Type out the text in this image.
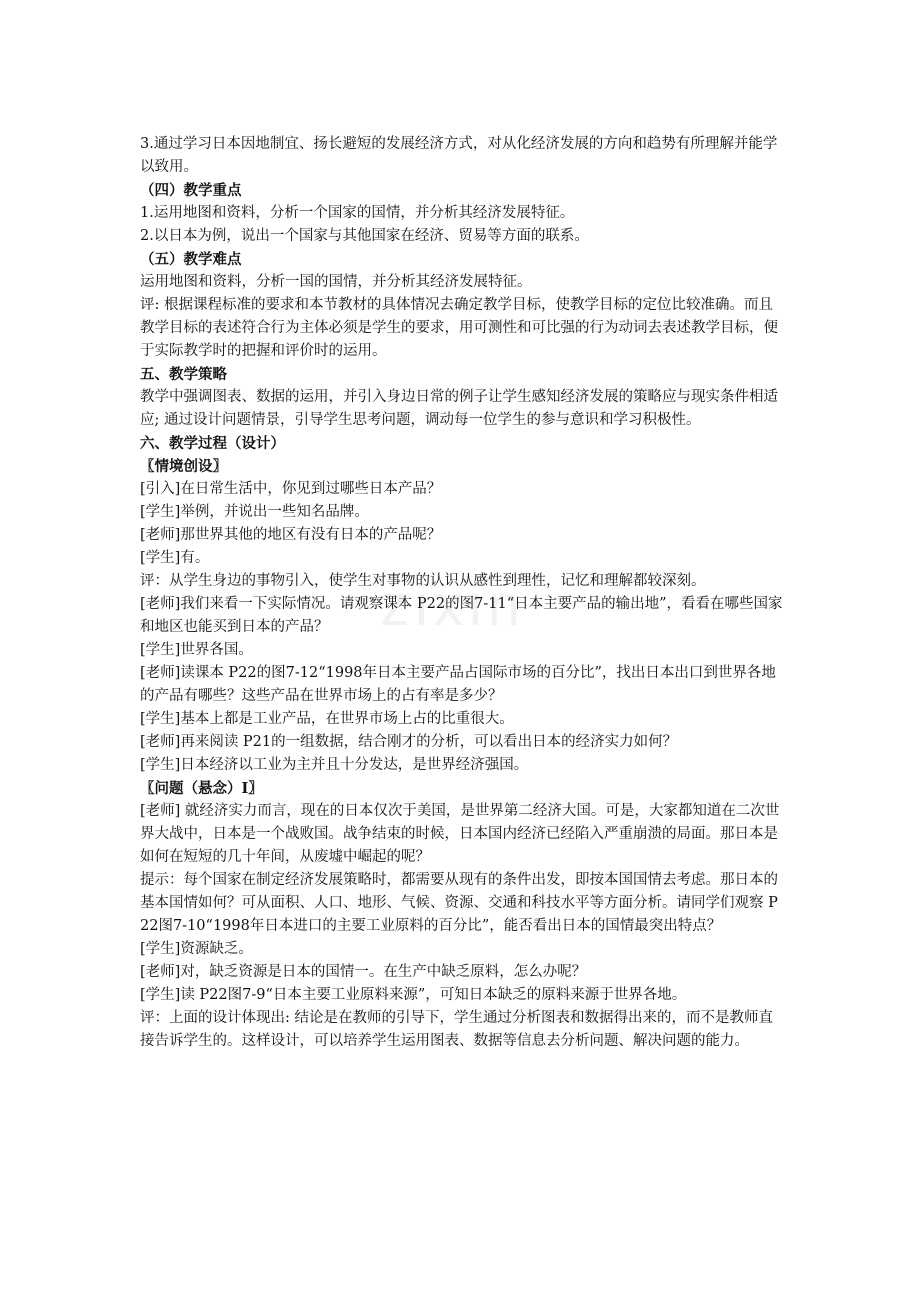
zixin

3.通过学习日本因地制宜、扬长避短的发展经济方式，对从化经济发展的方向和趋势有所理解并能学以致用。

（四）教学重点

1.运用地图和资料，分析一个国家的国情，并分析其经济发展特征。

2.以日本为例，说出一个国家与其他国家在经济、贸易等方面的联系。

（五）教学难点

运用地图和资料，分析一国的国情，并分析其经济发展特征。

评: 根据课程标准的要求和本节教材的具体情况去确定教学目标，使教学目标的定位比较准确。而且教学目标的表述符合行为主体必须是学生的要求，用可测性和可比强的行为动词去表述教学目标，便于实际教学时的把握和评价时的运用。

五、教学策略

教学中强调图表、数据的运用，并引入身边日常的例子让学生感知经济发展的策略应与现实条件相适应; 通过设计问题情景，引导学生思考问题，调动每一位学生的参与意识和学习积极性。

六、教学过程（设计）

〖情境创设〗

[引入]在日常生活中，你见到过哪些日本产品？

[学生]举例，并说出一些知名品牌。

[老师]那世界其他的地区有没有日本的产品呢？

[学生]有。

评：从学生身边的事物引入，使学生对事物的认识从感性到理性，记忆和理解都较深刻。

[老师]我们来看一下实际情况。请观察课本 P22的图7-11“日本主要产品的输出地”，看看在哪些国家和地区也能买到日本的产品？

[学生]世界各国。

[老师]读课本 P22的图7-12“1998年日本主要产品占国际市场的百分比”，找出日本出口到世界各地的产品有哪些？这些产品在世界市场上的占有率是多少？

[学生]基本上都是工业产品，在世界市场上占的比重很大。

[老师]再来阅读 P21的一组数据，结合刚才的分析，可以看出日本的经济实力如何？

[学生]日本经济以工业为主并且十分发达，是世界经济强国。

〖问题（悬念）Ⅰ〗

[老师] 就经济实力而言，现在的日本仅次于美国，是世界第二经济大国。可是，大家都知道在二次世界大战中，日本是一个战败国。战争结束的时候，日本国内经济已经陷入严重崩溃的局面。那日本是如何在短短的几十年间，从废墟中崛起的呢？

提示：每个国家在制定经济发展策略时，都需要从现有的条件出发，即按本国国情去考虑。那日本的基本国情如何？可从面积、人口、地形、气候、资源、交通和科技水平等方面分析。请同学们观察 P22图7-10“1998年日本进口的主要工业原料的百分比”，能否看出日本的国情最突出特点？

[学生]资源缺乏。

[老师]对，缺乏资源是日本的国情一。在生产中缺乏原料，怎么办呢？

[学生]读 P22图7-9“日本主要工业原料来源”，可知日本缺乏的原料来源于世界各地。

评：上面的设计体现出: 结论是在教师的引导下，学生通过分析图表和数据得出来的，而不是教师直接告诉学生的。这样设计，可以培养学生运用图表、数据等信息去分析问题、解决问题的能力。
